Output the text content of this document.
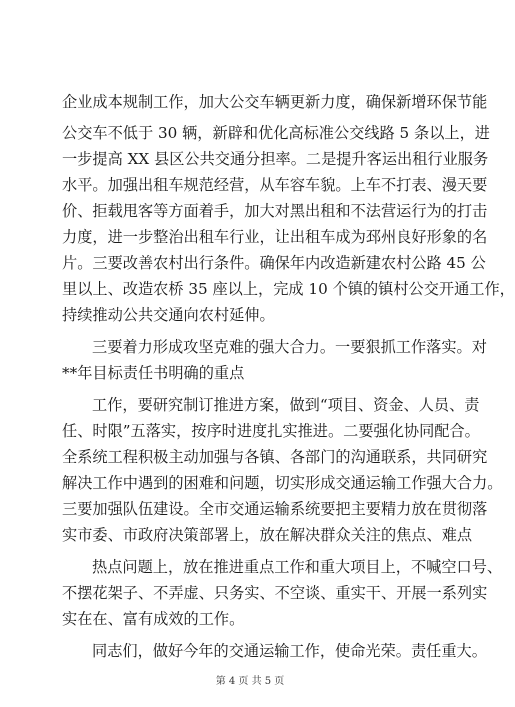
企业成本规制工作，加大公交车辆更新力度，确保新增环保节能
公交车不低于 30 辆，新辟和优化高标准公交线路 5 条以上，进
一步提高 XX 县区公共交通分担率。二是提升客运出租行业服务
水平。加强出租车规范经营，从车容车貌。上车不打表、漫天要
价、拒载甩客等方面着手，加大对黑出租和不法营运行为的打击
力度，进一步整治出租车行业，让出租车成为邳州良好形象的名
片。三要改善农村出行条件。确保年内改造新建农村公路 45 公
里以上、改造农桥 35 座以上，完成 10 个镇的镇村公交开通工作，
持续推动公共交通向农村延伸。
三要着力形成攻坚克难的强大合力。一要狠抓工作落实。对
**年目标责任书明确的重点
工作，要研究制订推进方案，做到“项目、资金、人员、责
任、时限”五落实，按序时进度扎实推进。二要强化协同配合。
全系统工程积极主动加强与各镇、各部门的沟通联系，共同研究
解决工作中遇到的困难和问题，切实形成交通运输工作强大合力。
三要加强队伍建设。全市交通运输系统要把主要精力放在贯彻落
实市委、市政府决策部署上，放在解决群众关注的焦点、难点
热点问题上，放在推进重点工作和重大项目上，不喊空口号、
不摆花架子、不弄虚、只务实、不空谈、重实干、开展一系列实
实在在、富有成效的工作。
同志们，做好今年的交通运输工作，使命光荣。责任重大。
第 4 页 共 5 页
